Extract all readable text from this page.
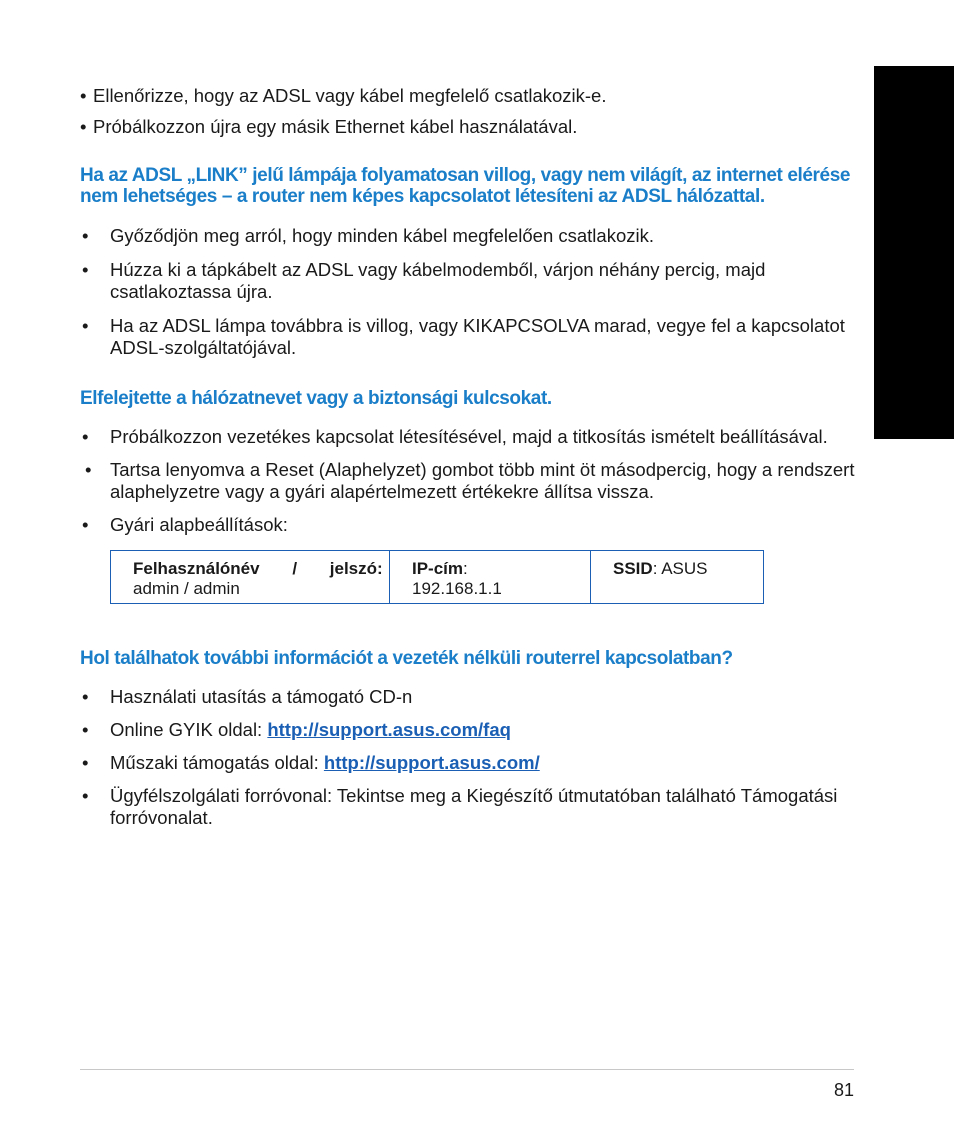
• Ellenőrizze, hogy az ADSL vagy kábel megfelelő csatlakozik-e.
• Próbálkozzon újra egy másik Ethernet kábel használatával.
Ha az ADSL „LINK” jelű lámpája folyamatosan villog, vagy nem világít, az internet elérése nem lehetséges – a router nem képes kapcsolatot létesíteni az ADSL hálózattal.
•	Győződjön meg arról, hogy minden kábel megfelelően csatlakozik.
•	Húzza ki a tápkábelt az ADSL vagy kábelmodemből, várjon néhány percig, majd csatlakoztassa újra.
•	Ha az ADSL lámpa továbbra is villog, vagy KIKAPCSOLVA marad, vegye fel a kapcsolatot ADSL-szolgáltatójával.
Elfelejtette a hálózatnevet vagy a biztonsági kulcsokat.
•	Próbálkozzon vezetékes kapcsolat létesítésével, majd a titkosítás ismételt beállításával.
•	Tartsa lenyomva a Reset (Alaphelyzet) gombot több mint öt másodpercig, hogy a rendszert alaphelyzetre vagy a gyári alapértelmezett értékekre állítsa vissza.
•	Gyári alapbeállítások:
Felhasználónév / jelszó:
admin / admin

IP-cím:
192.168.1.1
	SSID: ASUS
Hol találhatok további információt a vezeték nélküli routerrel kapcsolatban?
•	Használati utasítás a támogató CD-n
•	Online GYIK oldal: http://support.asus.com/faq
•	Műszaki támogatás oldal: http://support.asus.com/
•	Ügyfélszolgálati forróvonal: Tekintse meg a Kiegészítő útmutatóban található Támogatási forróvonalat.
81
